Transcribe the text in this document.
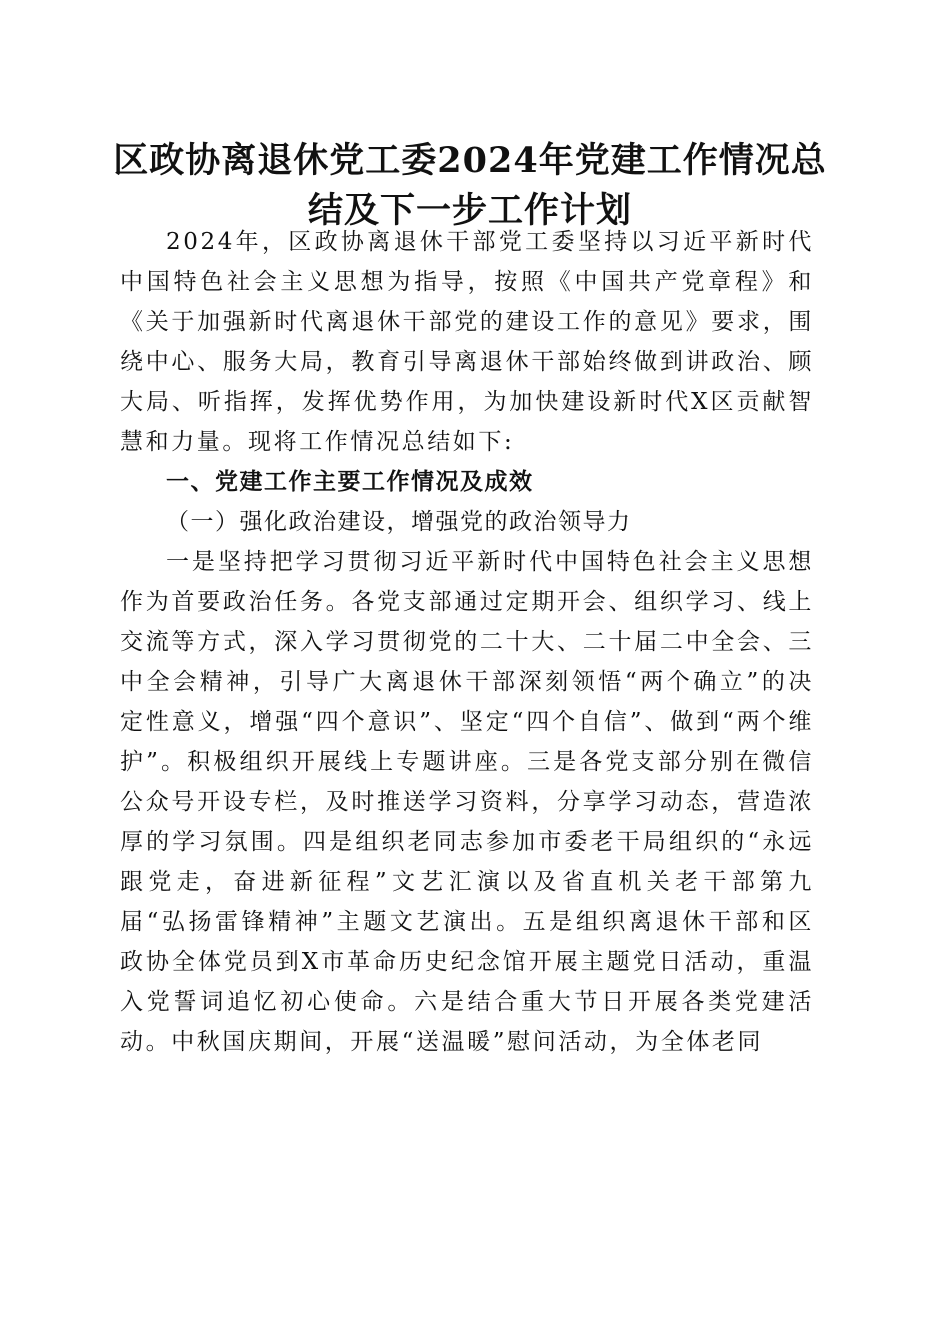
区政协离退休党工委2024年党建工作情况总结及下一步工作计划

2024年，区政协离退休干部党工委坚持以习近平新时代中国特色社会主义思想为指导，按照《中国共产党章程》和《关于加强新时代离退休干部党的建设工作的意见》要求，围绕中心、服务大局，教育引导离退休干部始终做到讲政治、顾大局、听指挥，发挥优势作用，为加快建设新时代X区贡献智慧和力量。现将工作情况总结如下:

一、党建工作主要工作情况及成效

（一）强化政治建设，增强党的政治领导力

一是坚持把学习贯彻习近平新时代中国特色社会主义思想作为首要政治任务。各党支部通过定期开会、组织学习、线上交流等方式，深入学习贯彻党的二十大、二十届二中全会、三中全会精神，引导广大离退休干部深刻领悟“两个确立”的决定性意义，增强“四个意识”、坚定“四个自信”、做到“两个维护”。积极组织开展线上专题讲座。三是各党支部分别在微信公众号开设专栏，及时推送学习资料，分享学习动态，营造浓厚的学习氛围。四是组织老同志参加市委老干局组织的“永远跟党走，奋进新征程”文艺汇演以及省直机关老干部第九届“弘扬雷锋精神”主题文艺演出。五是组织离退休干部和区政协全体党员到X市革命历史纪念馆开展主题党日活动，重温入党誓词追忆初心使命。六是结合重大节日开展各类党建活动。中秋国庆期间，开展“送温暖”慰问活动，为全体老同
